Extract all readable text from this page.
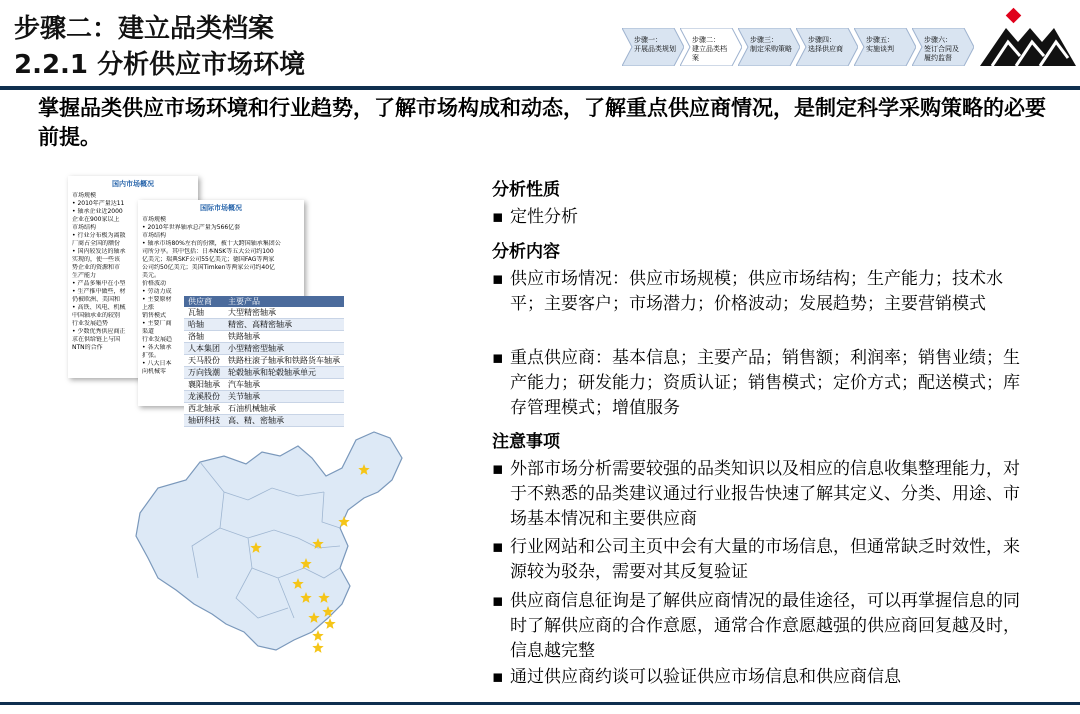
步骤二：建立品类档案
2.2.1 分析供应市场环境
步骤一：
开展品类规划
步骤二：
建立品类档
案
步骤三：
制定采购策略
步骤四：
选择供应商
步骤五：
实施谈判
步骤六：
签订合同及
履约监督
掌握品类供应市场环境和行业趋势，了解市场构成和动态，了解重点供应商情况，是制定科学采购策略的必要前提。
国内市场概况
市场规模
• 2010年产量达11
• 轴承企业近2000
企业在900家以上
市场结构
• 行业分布极为离散
厂商占全国的额份
• 国内较发达的轴承
实现的，使一些该
势企业的资源和市
生产能力
• 产品多集中在小型
• 生产推中做些，材
仍被欧洲、美国和
• 高铁、风电、机械
中国轴承业的较别
行业发展趋势
• 少数优秀供应商正
求在供给链上与国
NTN的合作
国际市场概况
市场规模
• 2010年世界轴承总产量为566亿套
市场结构
• 轴承市场80%左右的份额，被十大跨国轴承集团公
司所分享。其中包括：日本NSK等五大公司约100
亿美元；瑞典SKF公司55亿美元；德国FAG等两家
公司约50亿美元；美国Timken等两家公司约40亿
美元。
价格波动
• 劳动力成
• 主要原材
上涨
销售模式
• 主要厂商
渠道
行业发展趋
• 各大轴承
扩张。
• 八大日本
向机械零
供应商	主要产品
瓦轴	大型精密轴承
哈轴	精密、高精密轴承
洛轴	铁路轴承
人本集团	小型精密型轴承
天马股份	铁路柱滚子轴承和铁路货车轴承
万向钱潮	轮毂轴承和轮毂轴承单元
襄阳轴承	汽车轴承
龙溪股份	关节轴承
西北轴承	石油机械轴承
轴研科技	高、精、密轴承
分析性质
▪ 定性分析
分析内容
▪ 供应市场情况：供应市场规模；供应市场结构；生产能力；技术水平；主要客户；市场潜力；价格波动；发展趋势；主要营销模式
▪ 重点供应商：基本信息；主要产品；销售额；利润率；销售业绩；生产能力；研发能力；资质认证；销售模式；定价方式；配送模式；库存管理模式；增值服务
注意事项
▪ 外部市场分析需要较强的品类知识以及相应的信息收集整理能力，对于不熟悉的品类建议通过行业报告快速了解其定义、分类、用途、市场基本情况和主要供应商
▪ 行业网站和公司主页中会有大量的市场信息，但通常缺乏时效性，来源较为驳杂，需要对其反复验证
▪ 供应商信息征询是了解供应商情况的最佳途径，可以再掌握信息的同时了解供应商的合作意愿，通常合作意愿越强的供应商回复越及时，信息越完整
▪ 通过供应商约谈可以验证供应市场信息和供应商信息
